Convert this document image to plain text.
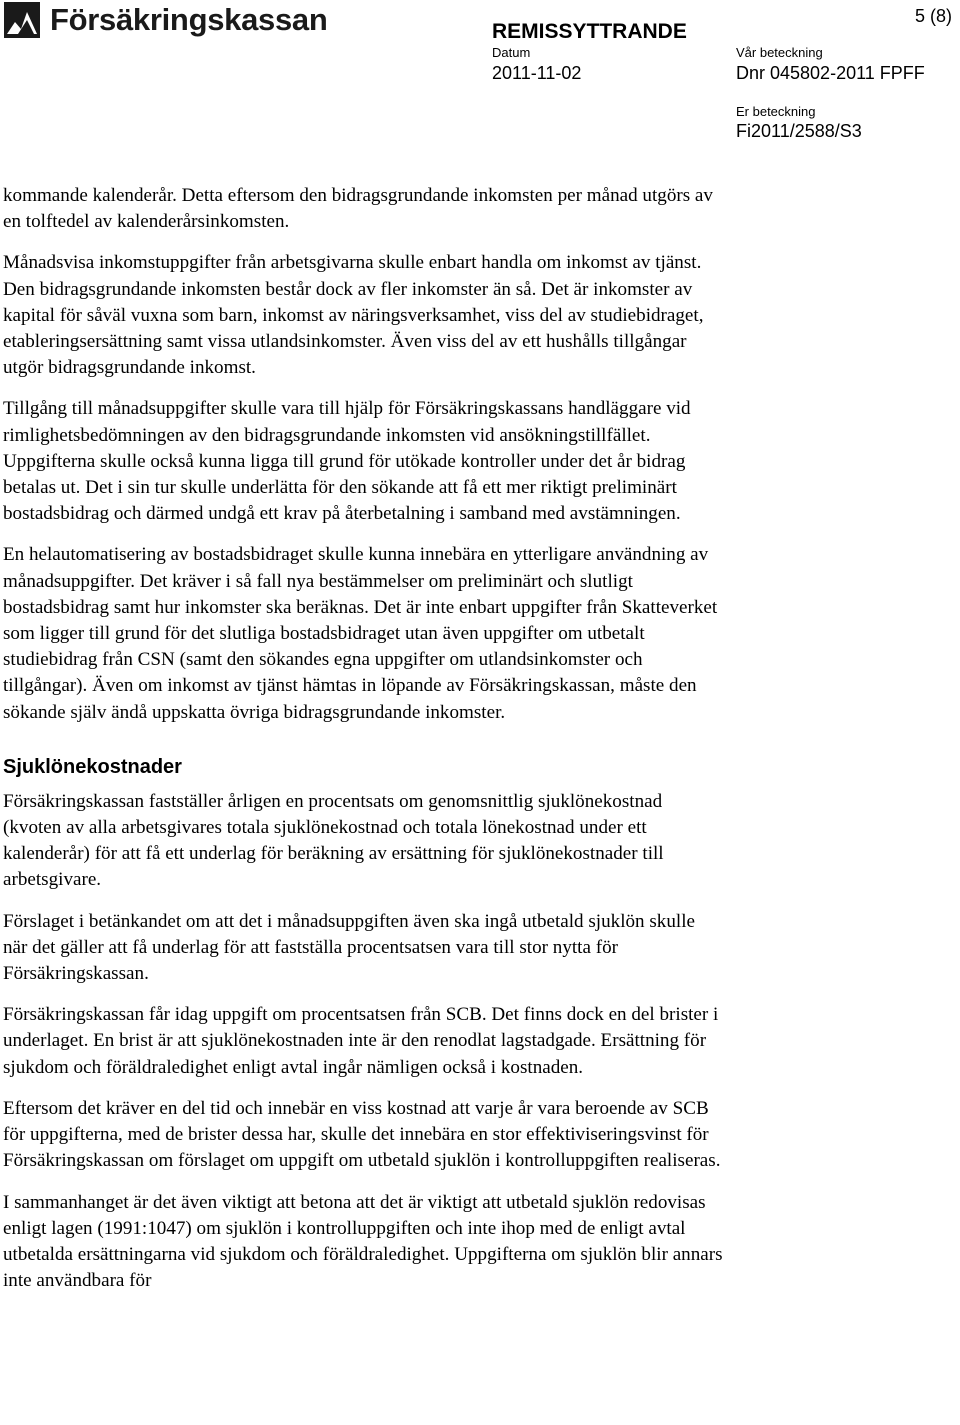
Försäkringskassan	REMISSYTTRANDE
5 (8)
Datum
2011-11-02
Vår beteckning
Dnr 045802-2011 FPFF
Er beteckning
Fi2011/2588/S3

kommande kalenderår. Detta eftersom den bidragsgrundande inkomsten per månad utgörs av en tolftedel av kalenderårsinkomsten.

Månadsvisa inkomstuppgifter från arbetsgivarna skulle enbart handla om inkomst av tjänst. Den bidragsgrundande inkomsten består dock av fler inkomster än så. Det är inkomster av kapital för såväl vuxna som barn, inkomst av näringsverksamhet, viss del av studiebidraget, etableringsersättning samt vissa utlandsinkomster. Även viss del av ett hushålls tillgångar utgör bidragsgrundande inkomst.

Tillgång till månadsuppgifter skulle vara till hjälp för Försäkringskassans handläggare vid rimlighetsbedömningen av den bidragsgrundande inkomsten vid ansökningstillfället. Uppgifterna skulle också kunna ligga till grund för utökade kontroller under det år bidrag betalas ut. Det i sin tur skulle underlätta för den sökande att få ett mer riktigt preliminärt bostadsbidrag och därmed undgå ett krav på återbetalning i samband med avstämningen.

En helautomatisering av bostadsbidraget skulle kunna innebära en ytterligare användning av månadsuppgifter. Det kräver i så fall nya bestämmelser om preliminärt och slutligt bostadsbidrag samt hur inkomster ska beräknas. Det är inte enbart uppgifter från Skatteverket som ligger till grund för det slutliga bostadsbidraget utan även uppgifter om utbetalt studiebidrag från CSN (samt den sökandes egna uppgifter om utlandsinkomster och tillgångar). Även om inkomst av tjänst hämtas in löpande av Försäkringskassan, måste den sökande själv ändå uppskatta övriga bidragsgrundande inkomster.

Sjuklönekostnader

Försäkringskassan fastställer årligen en procentsats om genomsnittlig sjuklönekostnad (kvoten av alla arbetsgivares totala sjuklönekostnad och totala lönekostnad under ett kalenderår) för att få ett underlag för beräkning av ersättning för sjuklönekostnader till arbetsgivare.

Förslaget i betänkandet om att det i månadsuppgiften även ska ingå utbetald sjuklön skulle när det gäller att få underlag för att fastställa procentsatsen vara till stor nytta för Försäkringskassan.

Försäkringskassan får idag uppgift om procentsatsen från SCB. Det finns dock en del brister i underlaget. En brist är att sjuklönekostnaden inte är den renodlat lagstadgade. Ersättning för sjukdom och föräldraledighet enligt avtal ingår nämligen också i kostnaden.

Eftersom det kräver en del tid och innebär en viss kostnad att varje år vara beroende av SCB för uppgifterna, med de brister dessa har, skulle det innebära en stor effektiviseringsvinst för Försäkringskassan om förslaget om uppgift om utbetald sjuklön i kontrolluppgiften realiseras.

I sammanhanget är det även viktigt att betona att det är viktigt att utbetald sjuklön redovisas enligt lagen (1991:1047) om sjuklön i kontrolluppgiften och inte ihop med de enligt avtal utbetalda ersättningarna vid sjukdom och föräldraledighet. Uppgifterna om sjuklön blir annars inte användbara för
